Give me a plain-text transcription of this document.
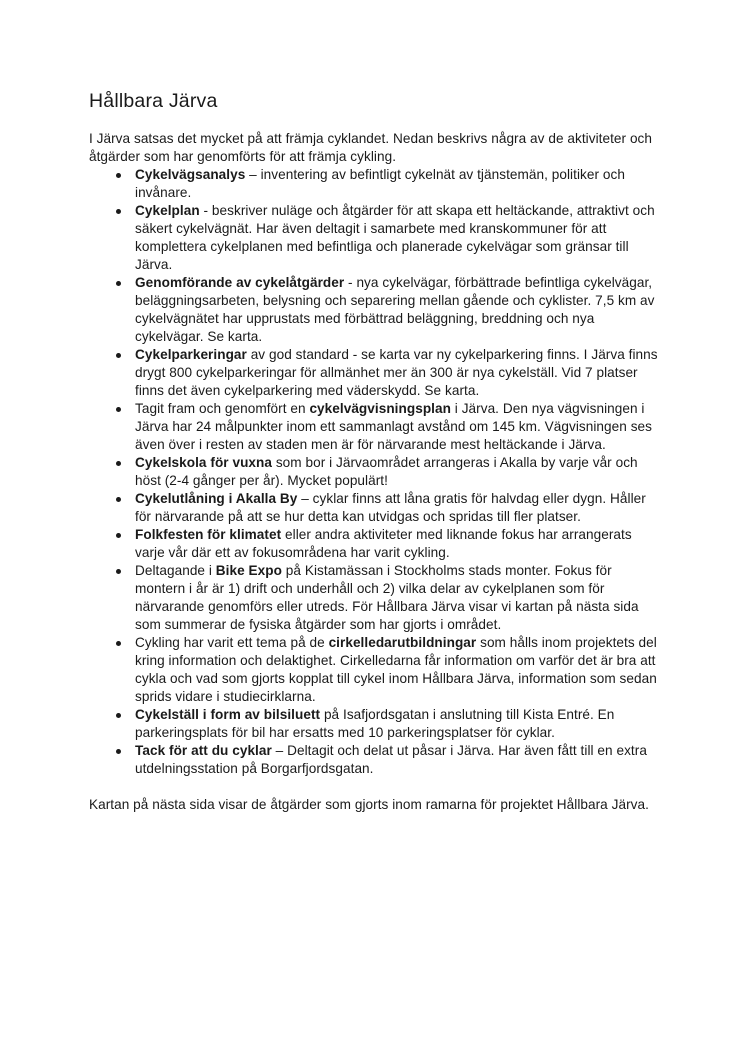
Hållbara Järva

I Järva satsas det mycket på att främja cyklandet. Nedan beskrivs några av de aktiviteter och åtgärder som har genomförts för att främja cykling.

Cykelvägsanalys – inventering av befintligt cykelnät av tjänstemän, politiker och invånare.
Cykelplan - beskriver nuläge och åtgärder för att skapa ett heltäckande, attraktivt och säkert cykelvägnät. Har även deltagit i samarbete med kranskommuner för att komplettera cykelplanen med befintliga och planerade cykelvägar som gränsar till Järva.
Genomförande av cykelåtgärder - nya cykelvägar, förbättrade befintliga cykelvägar, beläggningsarbeten, belysning och separering mellan gående och cyklister. 7,5 km av cykelvägnätet har upprustats med förbättrad beläggning, breddning och nya cykelvägar. Se karta.
Cykelparkeringar av god standard - se karta var ny cykelparkering finns. I Järva finns drygt 800 cykelparkeringar för allmänhet mer än 300 är nya cykelställ. Vid 7 platser finns det även cykelparkering med väderskydd. Se karta.
Tagit fram och genomfört en cykelvägvisningsplan i Järva. Den nya vägvisningen i Järva har 24 målpunkter inom ett sammanlagt avstånd om 145 km. Vägvisningen ses även över i resten av staden men är för närvarande mest heltäckande i Järva.
Cykelskola för vuxna som bor i Järvaområdet arrangeras i Akalla by varje vår och höst (2-4 gånger per år). Mycket populärt!
Cykelutlåning i Akalla By – cyklar finns att låna gratis för halvdag eller dygn. Håller för närvarande på att se hur detta kan utvidgas och spridas till fler platser.
Folkfesten för klimatet eller andra aktiviteter med liknande fokus har arrangerats varje vår där ett av fokusområdena har varit cykling.
Deltagande i Bike Expo på Kistamässan i Stockholms stads monter. Fokus för montern i år är 1) drift och underhåll och 2) vilka delar av cykelplanen som för närvarande genomförs eller utreds. För Hållbara Järva visar vi kartan på nästa sida som summerar de fysiska åtgärder som har gjorts i området.
Cykling har varit ett tema på de cirkelledarutbildningar som hålls inom projektets del kring information och delaktighet. Cirkelledarna får information om varför det är bra att cykla och vad som gjorts kopplat till cykel inom Hållbara Järva, information som sedan sprids vidare i studiecirklarna.
Cykelställ i form av bilsiluett på Isafjordsgatan i anslutning till Kista Entré. En parkeringsplats för bil har ersatts med 10 parkeringsplatser för cyklar.
Tack för att du cyklar – Deltagit och delat ut påsar i Järva. Har även fått till en extra utdelningsstation på Borgarfjordsgatan.

Kartan på nästa sida visar de åtgärder som gjorts inom ramarna för projektet Hållbara Järva.
